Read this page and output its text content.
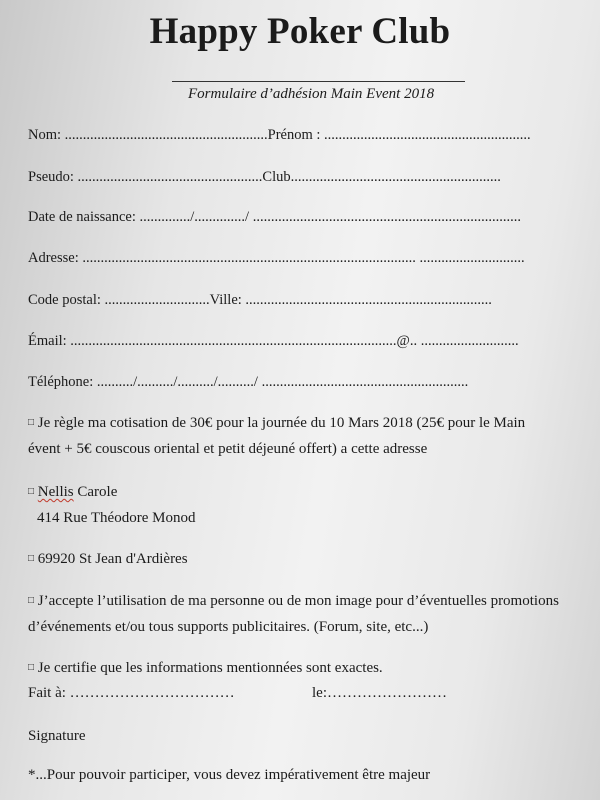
Happy Poker Club
Formulaire d’adhésion Main Event 2018
Nom: ........................................................Prénom : .........................................................
Pseudo: ...................................................Club..........................................................
Date de naissance: ............../............../ ..........................................................................
Adresse: ............................................................................................ .............................
Code postal: .............................Ville: ....................................................................
Émail: ..........................................................................................@.. ...........................
Téléphone: ........../........../........../........../ .........................................................
□ Je règle ma cotisation de 30€ pour la journée du 10 Mars 2018 (25€ pour le Main
évent + 5€ couscous oriental et petit déjeuné offert) a cette adresse
□ Nellis Carole
414 Rue Théodore Monod
□ 69920 St Jean d'Ardières
□ J’accepte l’utilisation de ma personne ou de mon image pour d’éventuelles promotions
d’événements et/ou tous supports publicitaires. (Forum, site, etc...)
□ Je certifie que les informations mentionnées sont exactes.
Fait à: ……………………………	le:……………………
Signature
*...Pour pouvoir participer, vous devez impérativement être majeur
